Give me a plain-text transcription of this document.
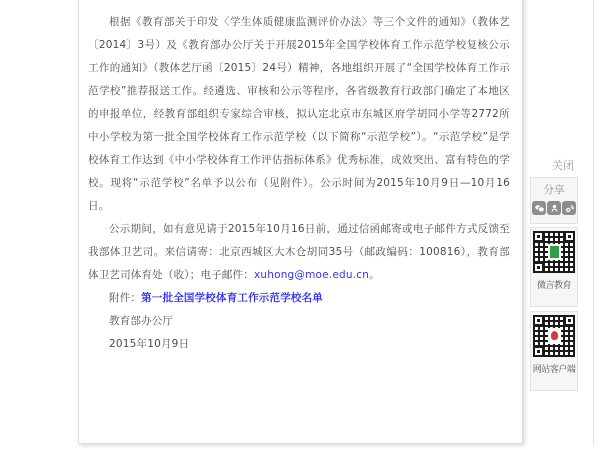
根据《教育部关于印发〈学生体质健康监测评价办法〉等三个文件的通知》（教体艺〔2014〕3号）及《教育部办公厅关于开展2015年全国学校体育工作示范学校复核公示工作的通知》（教体艺厅函〔2015〕24号）精神，各地组织开展了“全国学校体育工作示范学校”推荐报送工作。经遴选、审核和公示等程序，各省级教育行政部门确定了本地区的申报单位，经教育部组织专家综合审核，拟认定北京市东城区府学胡同小学等2772所中小学校为第一批全国学校体育工作示范学校（以下简称“示范学校”）。“示范学校”是学校体育工作达到《中小学校体育工作评估指标体系》优秀标准，成效突出、富有特色的学校。现将“示范学校”名单予以公布（见附件）。公示时间为2015年10月9日—10月16日。

公示期间，如有意见请于2015年10月16日前，通过信函邮寄或电子邮件方式反馈至我部体卫艺司。来信请寄：北京西城区大木仓胡同35号（邮政编码：100816），教育部体卫艺司体育处（收）；电子邮件：xuhong@moe.edu.cn。

附件：第一批全国学校体育工作示范学校名单

教育部办公厅

2015年10月9日

关闭
分享
微言教育
网站客户端
